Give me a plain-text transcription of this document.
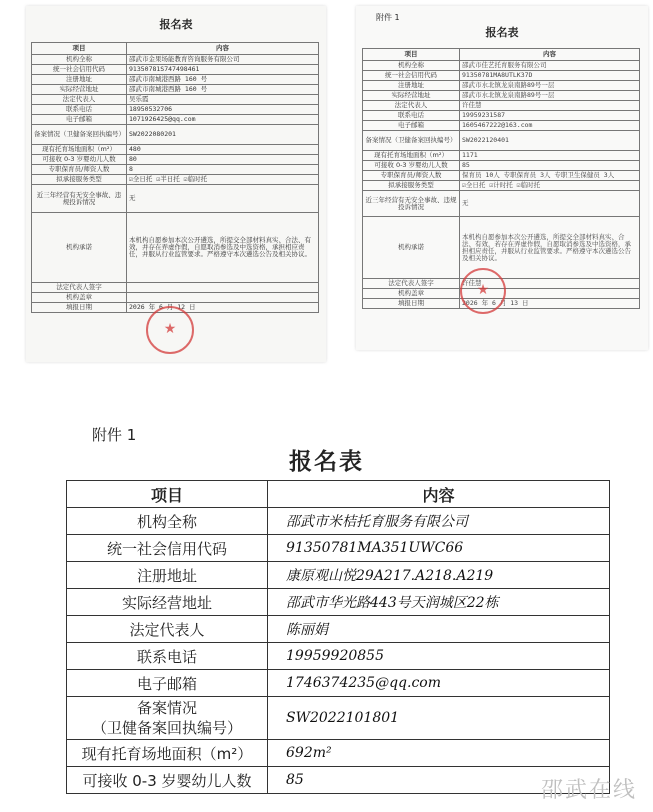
报名表
项目	内容
机构全称	邵武市金果场能教育咨询服务有限公司
统一社会信用代码	91350781S747498461
注册地址	邵武市南城港西路 160 号
实际经营地址	邵武市南城港西路 160 号
法定代表人	吴乐霞
联系电话	18950532706
电子邮箱	1071926425@qq.com
备案情况（卫健备案回执编号）	SW2022080201
现有托育场地面积（m²）	480
可接收 0-3 岁婴幼儿人数	80
专职保育员/师资人数	8
拟承接服务类型	☑全日托 ☑半日托 ☑临时托
近三年经营有无安全事故、违规投诉情况	无
机构承诺	本机构自愿参加本次公开遴选，所提交全部材料真实、合法、有效，并存在弄虚作假，自愿取消参选及中选资格，承担相应责任，并服从行业监管要求。严格遵守本次遴选公告及相关协议。
法定代表人签字	
机构盖章	
填报日期	2026 年 6 月 12 日
★
附件 1
报名表
项目	内容
机构全称	邵武市佳艺托育服务有限公司
统一社会信用代码	91350781MA8UTLK37D
注册地址	邵武市水北镇龙泉南路89号一层
实际经营地址	邵武市水北镇龙泉南路89号一层
法定代表人	许佳慧
联系电话	19959231587
电子邮箱	1605467222@163.com
备案情况（卫健备案回执编号）	SW2022120401
现有托育场地面积（m²）	1171
可接收 0-3 岁婴幼儿人数	85
专职保育员/师资人数	保育员 10人 专职保育员 3人 专职卫生保健员 3人
拟承接服务类型	☑全日托 ☑计时托 ☑临时托
近三年经营有无安全事故、违规投诉情况	无
机构承诺	本机构自愿参加本次公开遴选，所提交全部材料真实、合法、有效，若存在弄虚作假，自愿取消参选及中选资格，承担相应责任，并服从行业监管要求。严格遵守本次遴选公告及相关协议。
法定代表人签字	许佳慧
机构盖章	
填报日期	2026 年 6 月 13 日
★
附件 1
报名表
项目	内容
机构全称	邵武市米桔托育服务有限公司
统一社会信用代码	91350781MA351UWC66
注册地址	康原观山悦29A217.A218.A219
实际经营地址	邵武市华光路443号天润城区22栋
法定代表人	陈丽娟
联系电话	19959920855
电子邮箱	1746374235@qq.com

备案情况
（卫健备案回执编号）	SW2022101801
现有托育场地面积（m²）	692m²
可接收 0-3 岁婴幼儿人数	85	邵武在线
